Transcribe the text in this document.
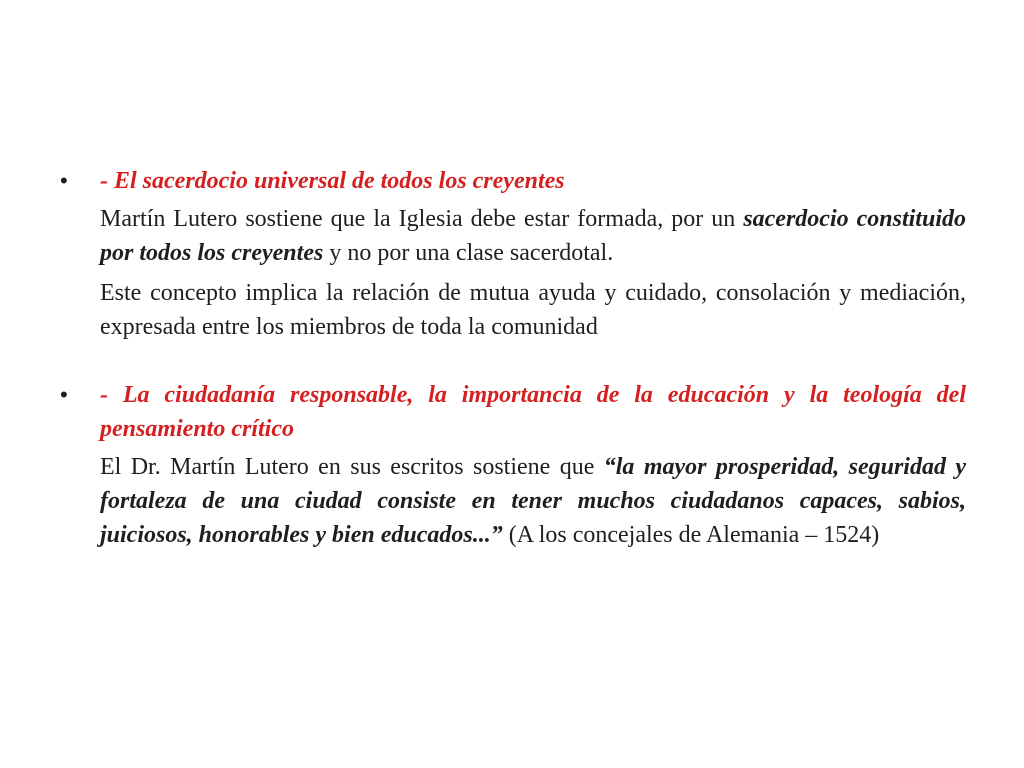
•	- El sacerdocio universal de todos los creyentes
Martín Lutero sostiene que la Iglesia debe estar formada, por un sacerdocio constituido por todos los creyentes y no por una clase sacerdotal.
Este concepto implica la relación de mutua ayuda y cuidado, consolación y mediación, expresada entre los miembros de toda la comunidad
•	- La ciudadanía responsable, la importancia de la educación y la teología del pensamiento crítico
El Dr. Martín Lutero en sus escritos sostiene que “la mayor prosperidad, seguridad y fortaleza de una ciudad consiste en tener muchos ciudadanos capaces, sabios, juiciosos, honorables y bien educados...” (A los concejales de Alemania – 1524)
